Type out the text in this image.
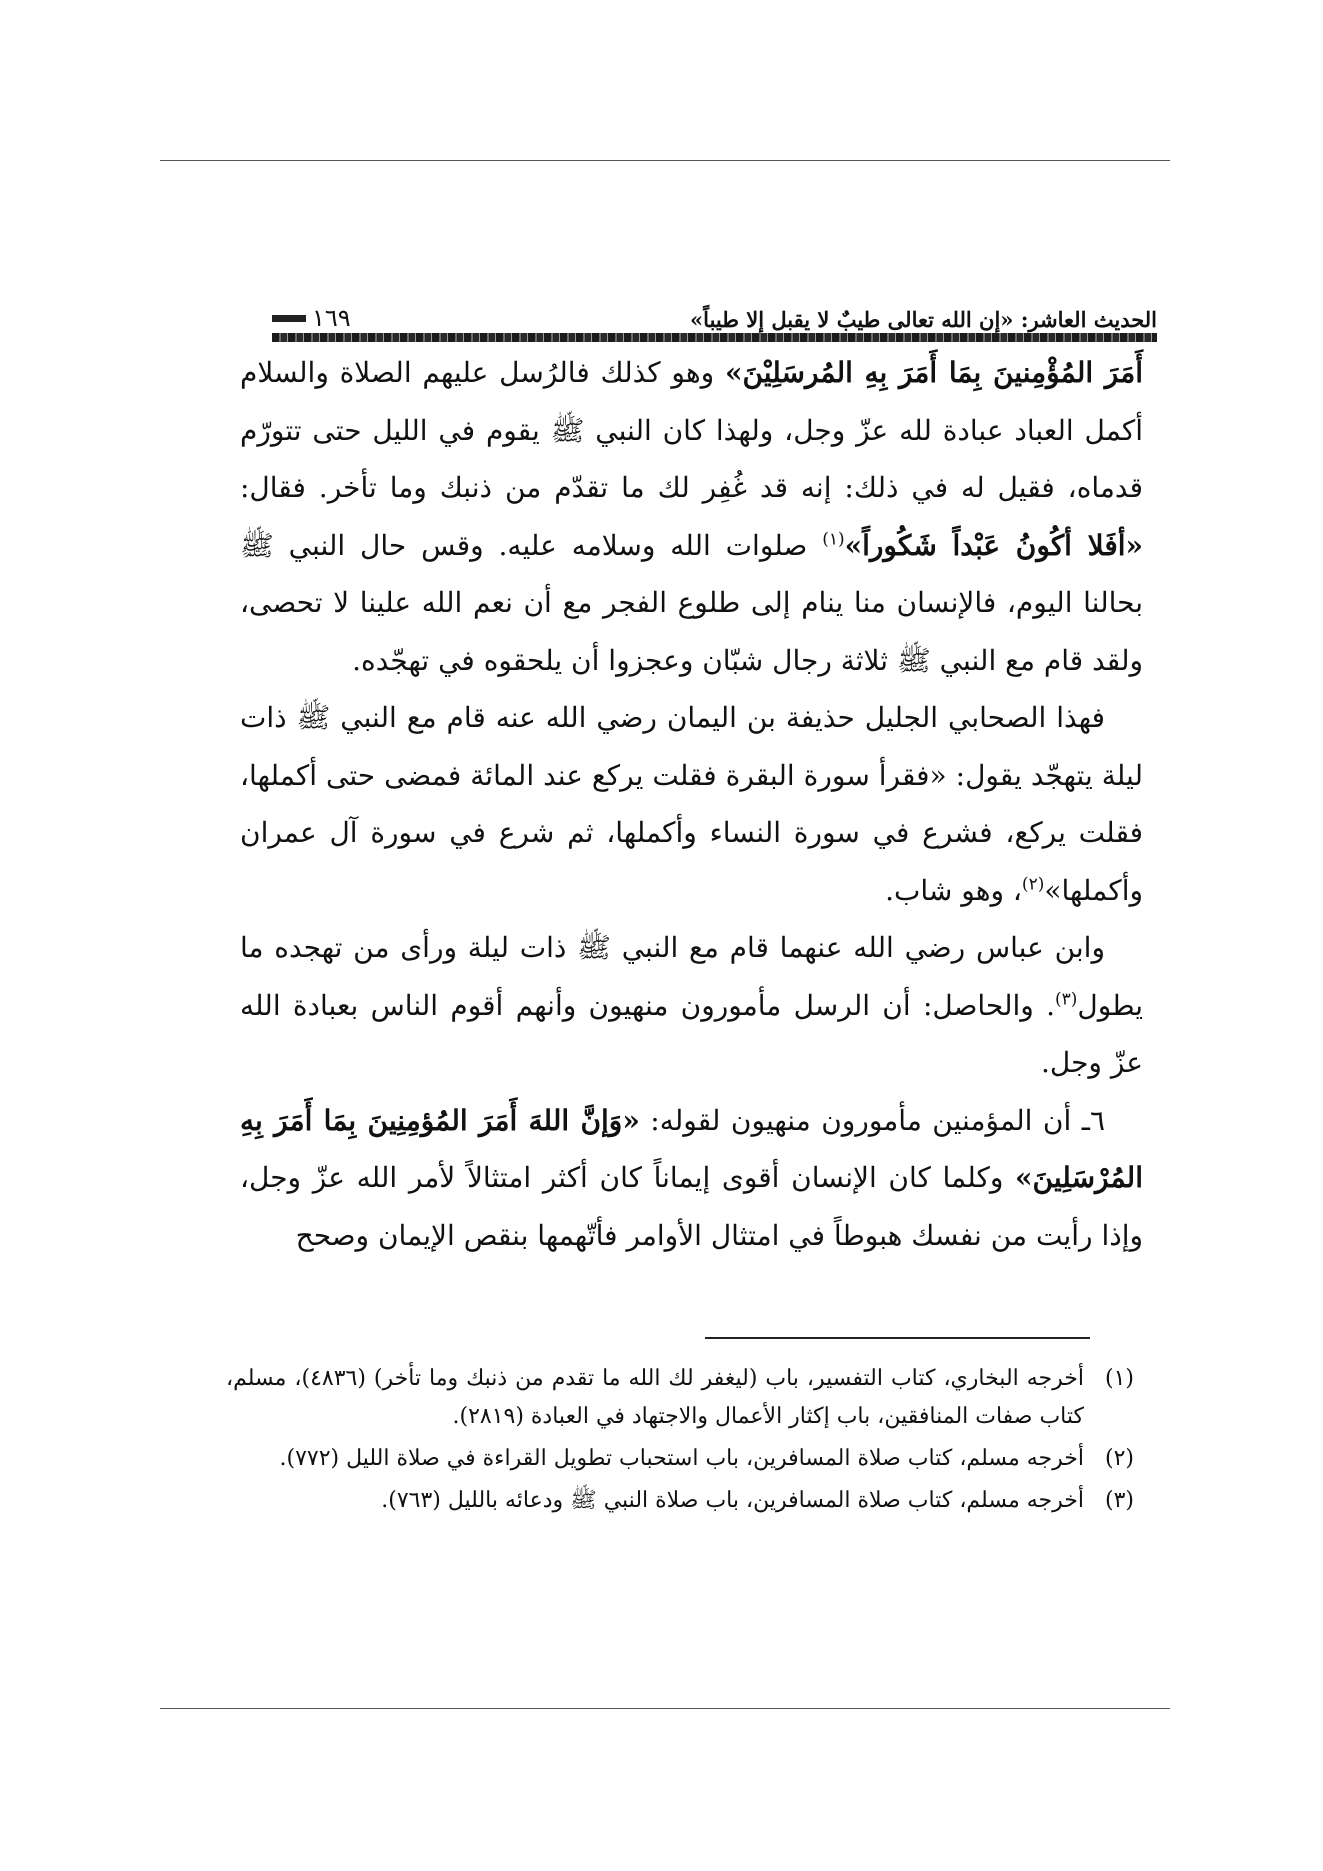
الحديث العاشر: «إن الله تعالى طيبٌ لا يقبل إلا طيباً»
١٦٩

أَمَرَ المُؤْمِنينَ بِمَا أَمَرَ بِهِ المُرسَلِيْنَ» وهو كذلك فالرُسل عليهم الصلاة والسلام أكمل العباد عبادة لله عزّ وجل، ولهذا كان النبي ﷺ يقوم في الليل حتى تتورّم قدماه، فقيل له في ذلك: إنه قد غُفِر لك ما تقدّم من ذنبك وما تأخر. فقال: «أفَلا أكُونُ عَبْداً شَكُوراً»$^{(١)}$ صلوات الله وسلامه عليه. وقس حال النبي ﷺ بحالنا اليوم، فالإنسان منا ينام إلى طلوع الفجر مع أن نعم الله علينا لا تحصى، ولقد قام مع النبي ﷺ ثلاثة رجال شبّان وعجزوا أن يلحقوه في تهجّده.

فهذا الصحابي الجليل حذيفة بن اليمان رضي الله عنه قام مع النبي ﷺ ذات ليلة يتهجّد يقول: «فقرأ سورة البقرة فقلت يركع عند المائة فمضى حتى أكملها، فقلت يركع، فشرع في سورة النساء وأكملها، ثم شرع في سورة آل عمران وأكملها»$^{(٢)}$، وهو شاب.

وابن عباس رضي الله عنهما قام مع النبي ﷺ ذات ليلة ورأى من تهجده ما يطول$^{(٣)}$. والحاصل: أن الرسل مأمورون منهيون وأنهم أقوم الناس بعبادة الله عزّ وجل.

٦ـ أن المؤمنين مأمورون منهيون لقوله: «وَإنَّ اللهَ أَمَرَ المُؤمِنِينَ بِمَا أَمَرَ بِهِ المُرْسَلِينَ» وكلما كان الإنسان أقوى إيماناً كان أكثر امتثالاً لأمر الله عزّ وجل، وإذا رأيت من نفسك هبوطاً في امتثال الأوامر فأتّهمها بنقص الإيمان وصحح

(١)
أخرجه البخاري، كتاب التفسير، باب (ليغفر لك الله ما تقدم من ذنبك وما تأخر) (٤٨٣٦)، مسلم، كتاب صفات المنافقين، باب إكثار الأعمال والاجتهاد في العبادة (٢٨١٩).
(٢)
أخرجه مسلم، كتاب صلاة المسافرين، باب استحباب تطويل القراءة في صلاة الليل (٧٧٢).
(٣)
أخرجه مسلم، كتاب صلاة المسافرين، باب صلاة النبي ﷺ ودعائه بالليل (٧٦٣).
